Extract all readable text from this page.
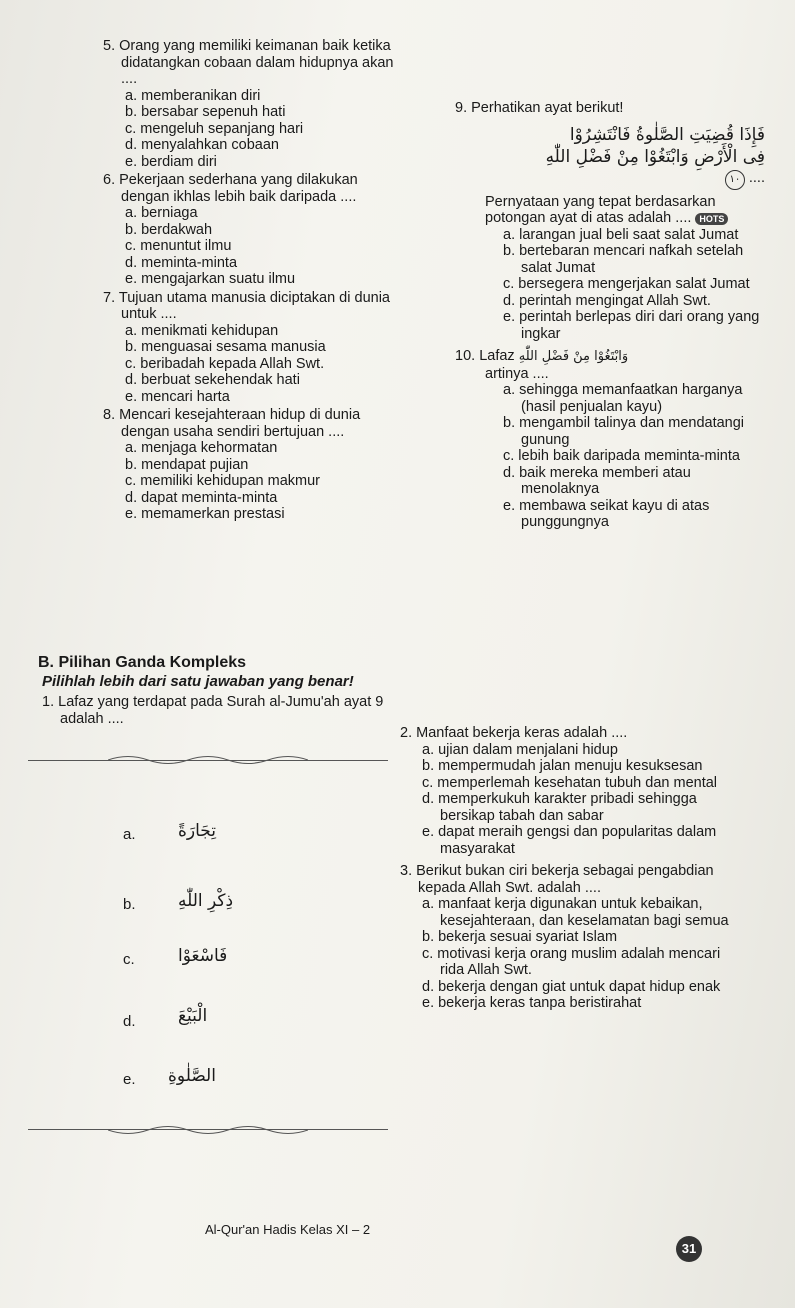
5. Orang yang memiliki keimanan baik ketika didatangkan cobaan dalam hidupnya akan ....
a. memberanikan diri
b. bersabar sepenuh hati
c. mengeluh sepanjang hari
d. menyalahkan cobaan
e. berdiam diri
6. Pekerjaan sederhana yang dilakukan dengan ikhlas lebih baik daripada ....
a. berniaga
b. berdakwah
c. menuntut ilmu
d. meminta-minta
e. mengajarkan suatu ilmu
7. Tujuan utama manusia diciptakan di dunia untuk ....
a. menikmati kehidupan
b. menguasai sesama manusia
c. beribadah kepada Allah Swt.
d. berbuat sekehendak hati
e. mencari harta
8. Mencari kesejahteraan hidup di dunia dengan usaha sendiri bertujuan ....
a. menjaga kehormatan
b. mendapat pujian
c. memiliki kehidupan makmur
d. dapat meminta-minta
e. memamerkan prestasi
B. Pilihan Ganda Kompleks
Pilihlah lebih dari satu jawaban yang benar!
1. Lafaz yang terdapat pada Surah al-Jumu'ah ayat 9 adalah ....
a. تِجَارَةً
b. ذِكْرِ اللّٰهِ
c.	فَاسْعَوْا
d. الْبَيْعَ
e. الصَّلٰوةِ
9. Perhatikan ayat berikut!
فَإِذَا قُضِيَتِ الصَّلٰوةُ فَانْتَشِرُوْا
فِى الْأَرْضِ وَابْتَغُوْا مِنْ فَضْلِ اللّٰهِ
١٠ ....
Pernyataan yang tepat berdasarkan potongan ayat di atas adalah .... HOTS
a. larangan jual beli saat salat Jumat
b. bertebaran mencari nafkah setelah salat Jumat
c. bersegera mengerjakan salat Jumat
d. perintah mengingat Allah Swt.
e. perintah berlepas diri dari orang yang ingkar
10. Lafaz وَابْتَغُوْا مِنْ فَضْلِ اللّٰهِ
artinya ....
a. sehingga memanfaatkan harganya (hasil penjualan kayu)
b. mengambil talinya dan mendatangi gunung
c. lebih baik daripada meminta-minta
d. baik mereka memberi atau menolaknya
e. membawa seikat kayu di atas punggungnya
2. Manfaat bekerja keras adalah ....
a. ujian dalam menjalani hidup
b. mempermudah jalan menuju kesuksesan
c. memperlemah kesehatan tubuh dan mental
d. memperkukuh karakter pribadi sehingga bersikap tabah dan sabar
e. dapat meraih gengsi dan popularitas dalam masyarakat
3. Berikut bukan ciri bekerja sebagai pengabdian kepada Allah Swt. adalah ....
a. manfaat kerja digunakan untuk kebaikan, kesejahteraan, dan keselamatan bagi semua
b. bekerja sesuai syariat Islam
c. motivasi kerja orang muslim adalah mencari rida Allah Swt.
d. bekerja dengan giat untuk dapat hidup enak
e. bekerja keras tanpa beristirahat
Al-Qur'an Hadis Kelas XI – 2
31
